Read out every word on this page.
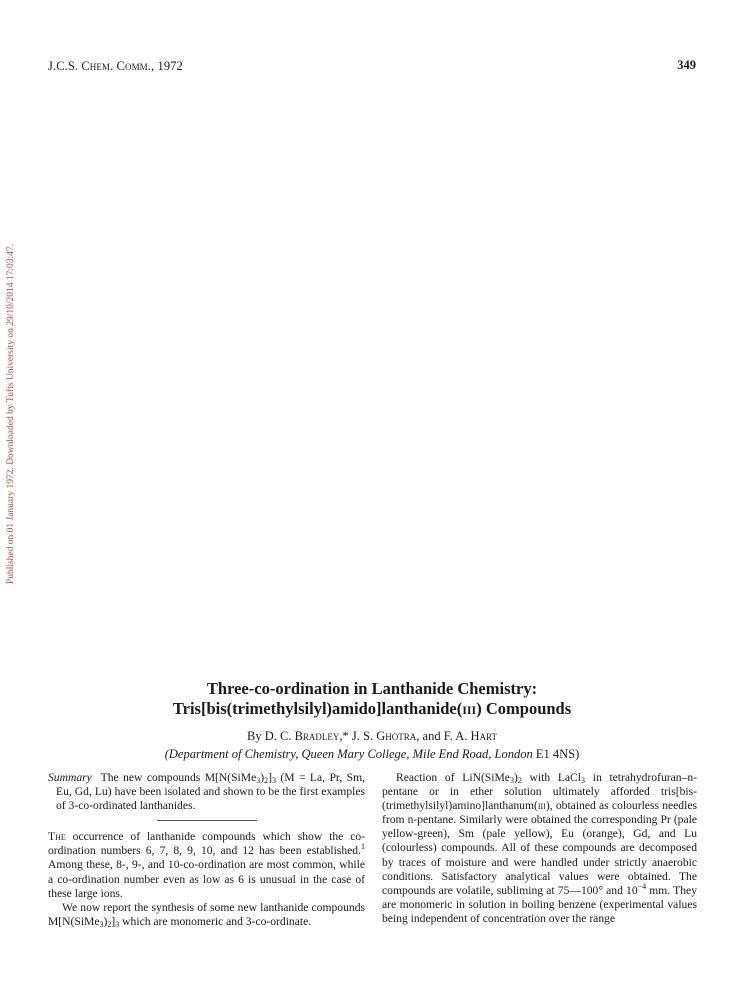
J.C.S. Chem. Comm., 1972	349
Published on 01 January 1972. Downloaded by Tufts University on 29/10/2014 17:03:47.
Three-co-ordination in Lanthanide Chemistry:
Tris[bis(trimethylsilyl)amido]lanthanide(iii) Compounds
By D. C. Bradley,* J. S. Ghotra, and F. A. Hart
(Department of Chemistry, Queen Mary College, Mile End Road, London E1 4NS)
Summary The new compounds $M[N(SiMe_3)_2]_3$ (M = La, Pr, Sm, Eu, Gd, Lu) have been isolated and shown to be the first examples of 3-co-ordinated lanthanides.

The occurrence of lanthanide compounds which show the co-ordination numbers 6, 7, 8, 9, 10, and 12 has been established.$^1$ Among these, 8-, 9-, and 10-co-ordination are most common, while a co-ordination number even as low as 6 is unusual in the case of these large ions.

We now report the synthesis of some new lanthanide compounds $M[N(SiMe_3)_2]_3$ which are monomeric and 3-co-ordinate.

Reaction of $LiN(SiMe_3)_2$ with LaCl$_3$ in tetrahydrofuran–n-pentane or in ether solution ultimately afforded tris[bis-(trimethylsilyl)amino]lanthanum(iii), obtained as colourless needles from n-pentane. Similarly were obtained the corresponding Pr (pale yellow-green), Sm (pale yellow), Eu (orange), Gd, and Lu (colourless) compounds. All of these compounds are decomposed by traces of moisture and were handled under strictly anaerobic conditions. Satisfactory analytical values were obtained. The compounds are volatile, subliming at 75—100° and $10^{-4}$ mm. They are monomeric in solution in boiling benzene (experimental values being independent of concentration over the range
